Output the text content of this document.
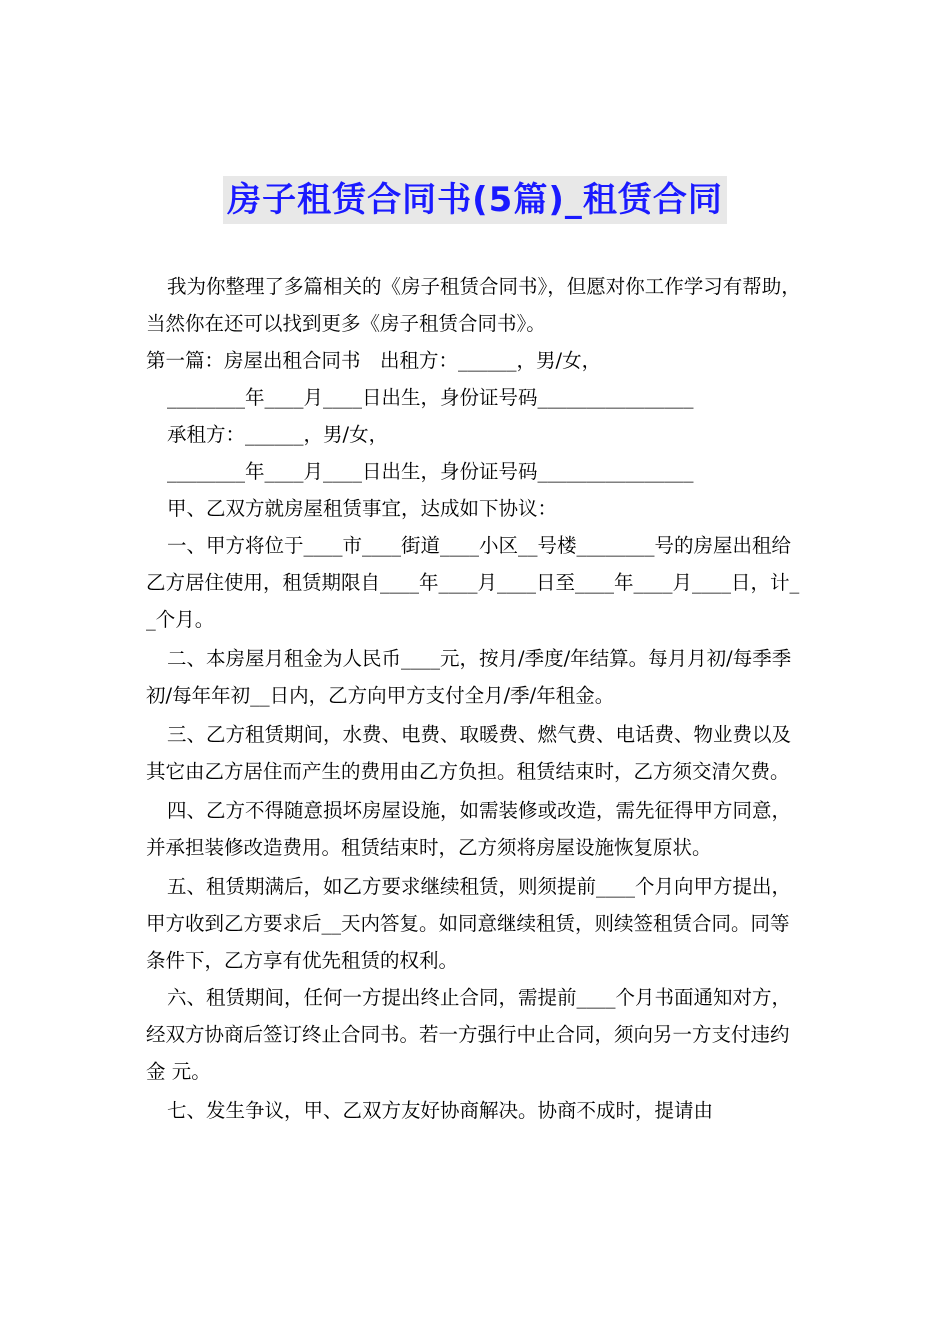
房子租赁合同书(5篇)_租赁合同

我为你整理了多篇相关的《房子租赁合同书》，但愿对你工作学习有帮助，当然你在还可以找到更多《房子租赁合同书》。

第一篇：房屋出租合同书　出租方：______，男/女，

________年____月____日出生，身份证号码________________

承租方：______，男/女，

________年____月____日出生，身份证号码________________

甲、乙双方就房屋租赁事宜，达成如下协议：

一、甲方将位于____市____街道____小区__号楼________号的房屋出租给乙方居住使用，租赁期限自____年____月____日至____年____月____日，计__个月。

二、本房屋月租金为人民币____元，按月/季度/年结算。每月月初/每季季初/每年年初__日内，乙方向甲方支付全月/季/年租金。

三、乙方租赁期间，水费、电费、取暖费、燃气费、电话费、物业费以及其它由乙方居住而产生的费用由乙方负担。租赁结束时，乙方须交清欠费。

四、乙方不得随意损坏房屋设施，如需装修或改造，需先征得甲方同意，并承担装修改造费用。租赁结束时，乙方须将房屋设施恢复原状。

五、租赁期满后，如乙方要求继续租赁，则须提前____个月向甲方提出，甲方收到乙方要求后__天内答复。如同意继续租赁，则续签租赁合同。同等条件下，乙方享有优先租赁的权利。

六、租赁期间，任何一方提出终止合同，需提前____个月书面通知对方，经双方协商后签订终止合同书。若一方强行中止合同，须向另一方支付违约金 元。

七、发生争议，甲、乙双方友好协商解决。协商不成时，提请由
